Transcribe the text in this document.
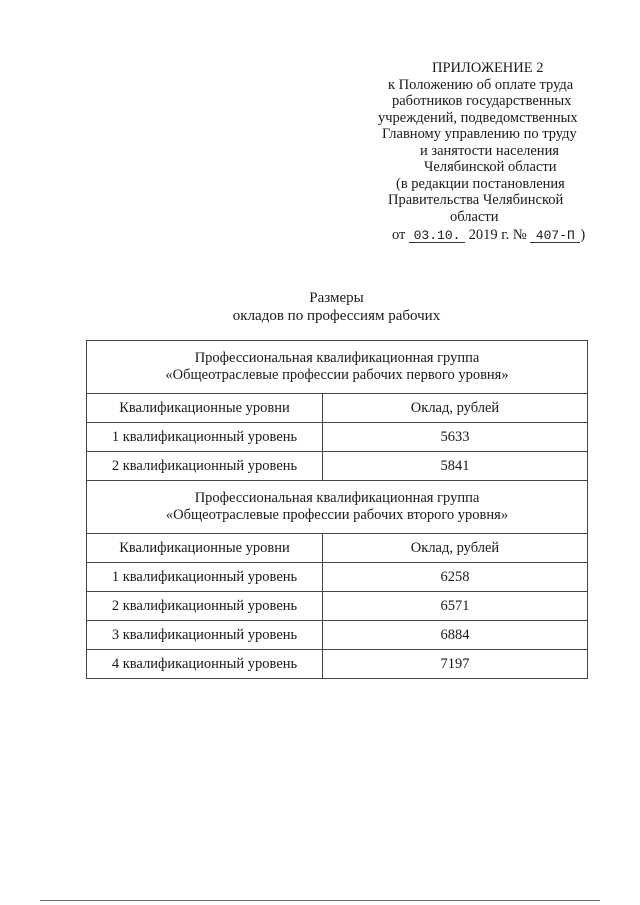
ПРИЛОЖЕНИЕ 2
к Положению об оплате труда
работников государственных
учреждений, подведомственных
Главному управлению по труду
и занятости населения
Челябинской области
(в редакции постановления
Правительства Челябинской
области
от 03.10. 2019 г. № 407-П )
Размеры
окладов по профессиям рабочих
Профессиональная квалификационная группа
«Общеотраслевые профессии рабочих первого уровня»	

Квалификационные уровни	Оклад, рублей
1 квалификационный уровень	5633
2 квалификационный уровень	5841

Профессиональная квалификационная группа
«Общеотраслевые профессии рабочих второго уровня»	

Квалификационные уровни	Оклад, рублей
1 квалификационный уровень	6258
2 квалификационный уровень	6571
3 квалификационный уровень	6884
4 квалификационный уровень	7197
